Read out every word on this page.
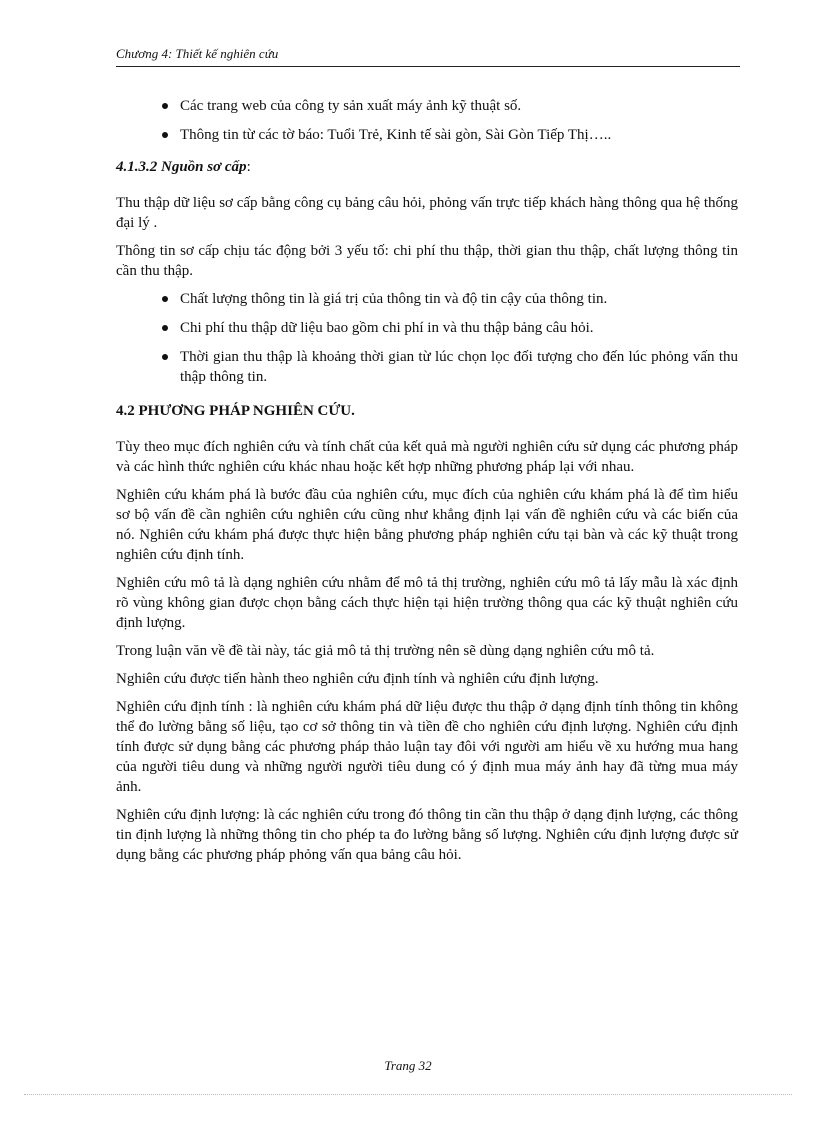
Chương 4: Thiết kế nghiên cứu
Các trang web của công ty sản xuất máy ảnh kỹ thuật số.
Thông tin từ các tờ báo: Tuổi Trẻ, Kinh tế sài gòn, Sài Gòn Tiếp Thị…..
4.1.3.2 Nguồn sơ cấp:

Thu thập dữ liệu sơ cấp bằng công cụ bảng câu hỏi, phỏng vấn trực tiếp khách hàng thông qua hệ thống đại lý .

Thông tin sơ cấp chịu tác động bởi 3 yếu tố: chi phí thu thập, thời gian thu thập, chất lượng thông tin cần thu thập.

Chất lượng thông tin là giá trị của thông tin và độ tin cậy của thông tin.
Chi phí thu thập dữ liệu bao gồm chi phí in và thu thập bảng câu hỏi.
Thời gian thu thập là khoảng thời gian từ lúc chọn lọc đối tượng cho đến lúc phỏng vấn thu thập thông tin.
4.2 PHƯƠNG PHÁP NGHIÊN CỨU.

Tùy theo mục đích nghiên cứu và tính chất của kết quả mà người nghiên cứu sử dụng các phương pháp và các hình thức nghiên cứu khác nhau hoặc kết hợp những phương pháp lại với nhau.

Nghiên cứu khám phá là bước đầu của nghiên cứu, mục đích của nghiên cứu khám phá là để tìm hiểu sơ bộ vấn đề cần nghiên cứu nghiên cứu cũng như khẳng định lại vấn đề nghiên cứu và các biến của nó. Nghiên cứu khám phá được thực hiện bằng phương pháp nghiên cứu tại bàn và các kỹ thuật trong nghiên cứu định tính.

Nghiên cứu mô tả là dạng nghiên cứu nhằm để mô tả thị trường, nghiên cứu mô tả lấy mẫu là xác định rõ vùng không gian được chọn bằng cách thực hiện tại hiện trường thông qua các kỹ thuật nghiên cứu định lượng.

Trong luận văn về đề tài này, tác giả mô tả thị trường nên sẽ dùng dạng nghiên cứu mô tả.

Nghiên cứu được tiến hành theo nghiên cứu định tính và nghiên cứu định lượng.

Nghiên cứu định tính : là nghiên cứu khám phá dữ liệu được thu thập ở dạng định tính thông tin không thể đo lường bằng số liệu, tạo cơ sở thông tin và tiền đề cho nghiên cứu định lượng. Nghiên cứu định tính được sử dụng bằng các phương pháp thảo luận tay đôi với người am hiểu về xu hướng mua hang của người tiêu dung và những người người tiêu dung có ý định mua máy ảnh hay đã từng mua máy ảnh.

Nghiên cứu định lượng: là các nghiên cứu trong đó thông tin cần thu thập ở dạng định lượng, các thông tin định lượng là những thông tin cho phép ta đo lường bằng số lượng. Nghiên cứu định lượng được sử dụng bằng các phương pháp phỏng vấn qua bảng câu hỏi.

Trang 32
